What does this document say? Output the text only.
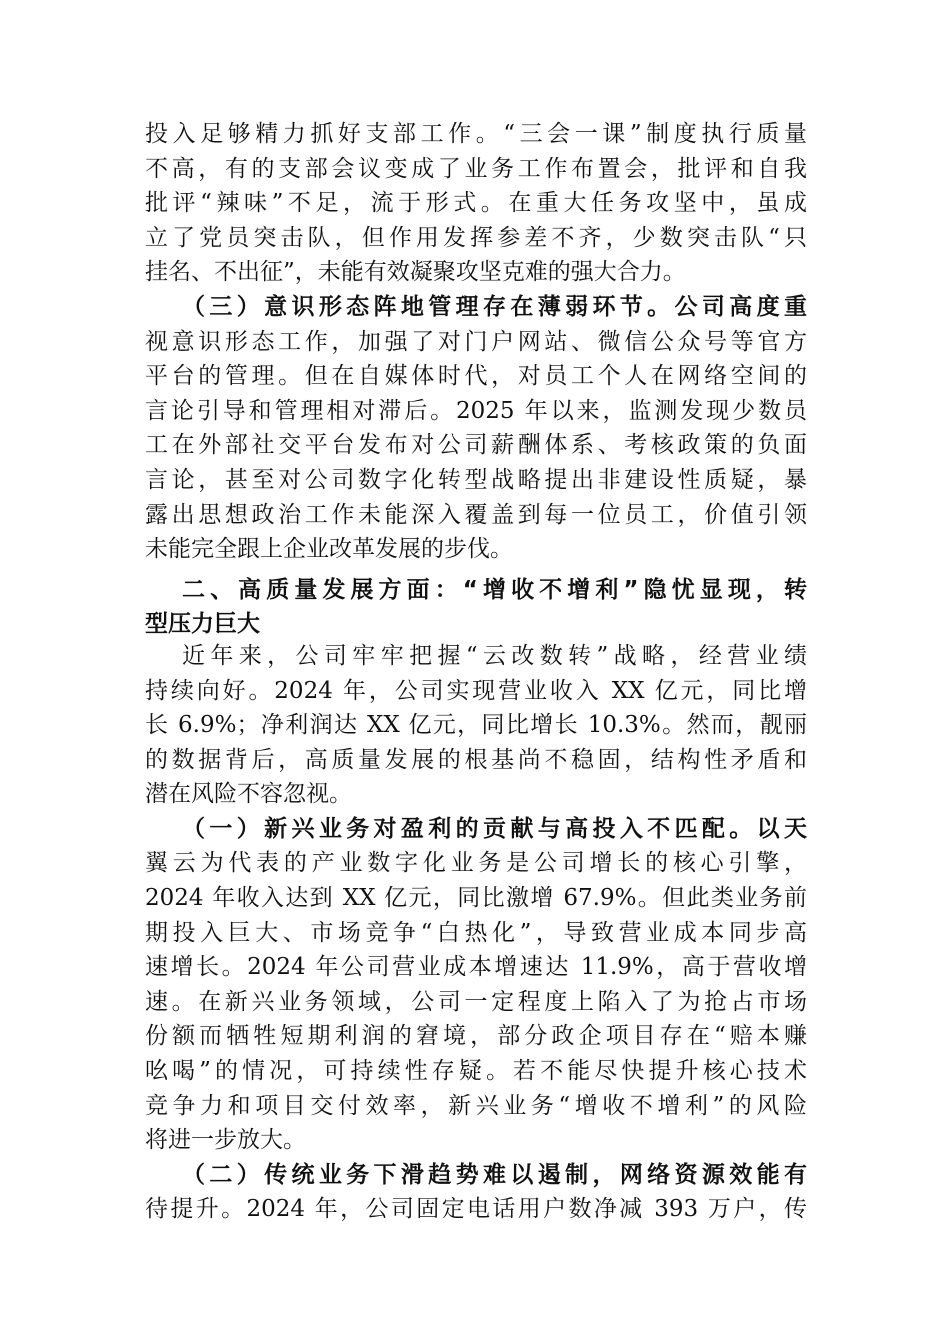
投入足够精力抓好支部工作。“三会一课”制度执行质量
不高，有的支部会议变成了业务工作布置会，批评和自我
批评“辣味”不足，流于形式。在重大任务攻坚中，虽成
立了党员突击队，但作用发挥参差不齐，少数突击队“只
挂名、不出征”，未能有效凝聚攻坚克难的强大合力。
（三）意识形态阵地管理存在薄弱环节。公司高度重
视意识形态工作，加强了对门户网站、微信公众号等官方
平台的管理。但在自媒体时代，对员工个人在网络空间的
言论引导和管理相对滞后。2025 年以来，监测发现少数员
工在外部社交平台发布对公司薪酬体系、考核政策的负面
言论，甚至对公司数字化转型战略提出非建设性质疑，暴
露出思想政治工作未能深入覆盖到每一位员工，价值引领
未能完全跟上企业改革发展的步伐。
二、高质量发展方面：“增收不增利”隐忧显现，转
型压力巨大
近年来，公司牢牢把握“云改数转”战略，经营业绩
持续向好。2024 年，公司实现营业收入 XX 亿元，同比增
长 6.9%；净利润达 XX 亿元，同比增长 10.3%。然而，靓丽
的数据背后，高质量发展的根基尚不稳固，结构性矛盾和
潜在风险不容忽视。
（一）新兴业务对盈利的贡献与高投入不匹配。以天
翼云为代表的产业数字化业务是公司增长的核心引擎，
2024 年收入达到 XX 亿元，同比激增 67.9%。但此类业务前
期投入巨大、市场竞争“白热化”，导致营业成本同步高
速增长。2024 年公司营业成本增速达 11.9%，高于营收增
速。在新兴业务领域，公司一定程度上陷入了为抢占市场
份额而牺牲短期利润的窘境，部分政企项目存在“赔本赚
吆喝”的情况，可持续性存疑。若不能尽快提升核心技术
竞争力和项目交付效率，新兴业务“增收不增利”的风险
将进一步放大。
（二）传统业务下滑趋势难以遏制，网络资源效能有
待提升。2024 年，公司固定电话用户数净减 393 万户，传
